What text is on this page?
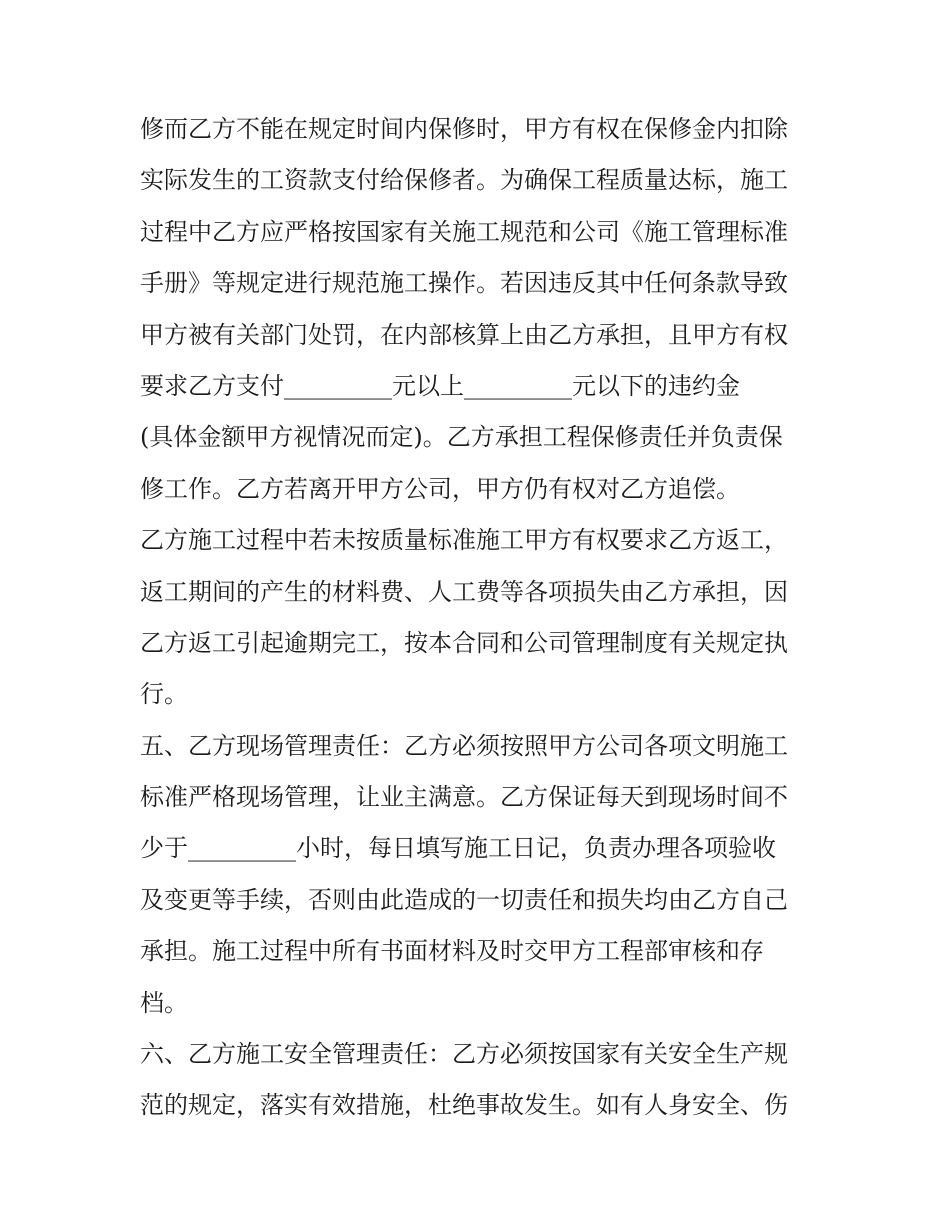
修而乙方不能在规定时间内保修时，甲方有权在保修金内扣除
实际发生的工资款支付给保修者。为确保工程质量达标，施工
过程中乙方应严格按国家有关施工规范和公司《施工管理标准
手册》等规定进行规范施工操作。若因违反其中任何条款导致
甲方被有关部门处罚，在内部核算上由乙方承担，且甲方有权
要求乙方支付_________元以上_________元以下的违约金
(具体金额甲方视情况而定)。乙方承担工程保修责任并负责保
修工作。乙方若离开甲方公司，甲方仍有权对乙方追偿。
乙方施工过程中若未按质量标准施工甲方有权要求乙方返工，
返工期间的产生的材料费、人工费等各项损失由乙方承担，因
乙方返工引起逾期完工，按本合同和公司管理制度有关规定执
行。
五、乙方现场管理责任：乙方必须按照甲方公司各项文明施工
标准严格现场管理，让业主满意。乙方保证每天到现场时间不
少于_________小时，每日填写施工日记，负责办理各项验收
及变更等手续，否则由此造成的一切责任和损失均由乙方自己
承担。施工过程中所有书面材料及时交甲方工程部审核和存
档。
六、乙方施工安全管理责任：乙方必须按国家有关安全生产规
范的规定，落实有效措施，杜绝事故发生。如有人身安全、伤
